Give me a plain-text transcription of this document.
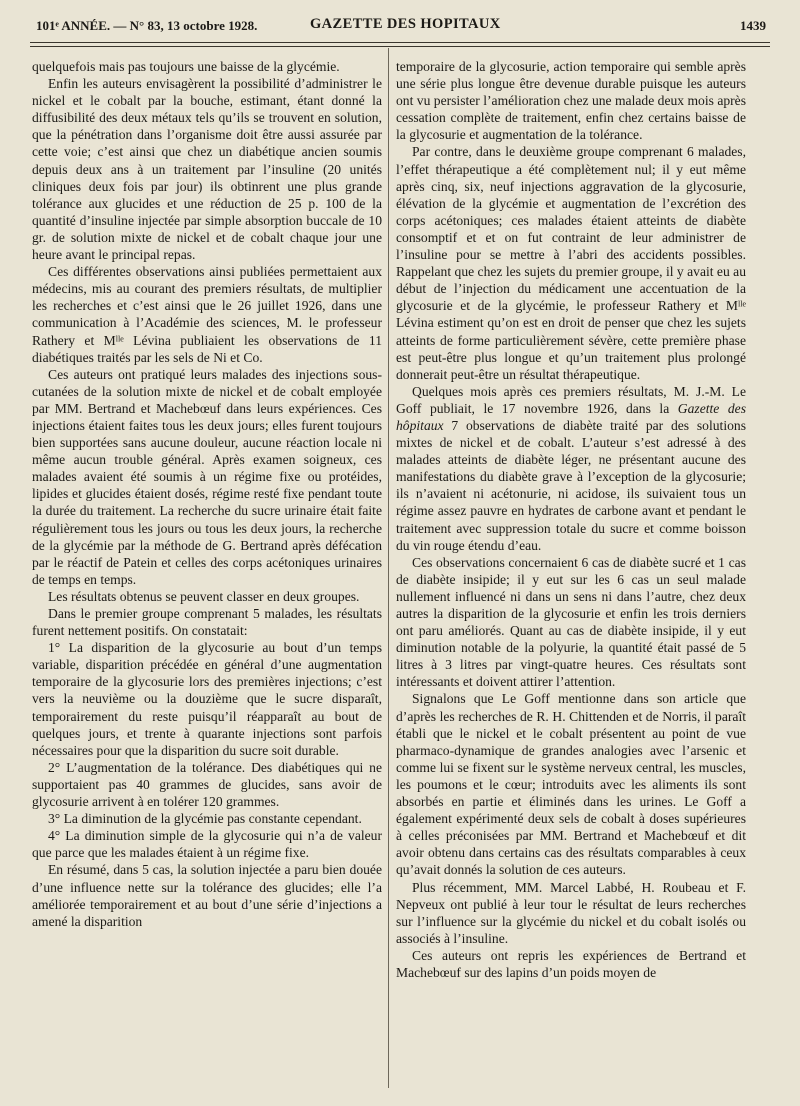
101ᵉ ANNÉE. — N° 83, 13 octobre 1928.	GAZETTE DES HOPITAUX	1439

quelquefois mais pas toujours une baisse de la glycémie.

Enfin les auteurs envisagèrent la possibilité d’administrer le nickel et le cobalt par la bouche, estimant, étant donné la diffusibilité des deux métaux tels qu’ils se trouvent en solution, que la pénétration dans l’organisme doit être aussi assurée par cette voie; c’est ainsi que chez un diabétique ancien soumis depuis deux ans à un traitement par l’insuline (20 unités cliniques deux fois par jour) ils obtinrent une plus grande tolérance aux glucides et une réduction de 25 p. 100 de la quantité d’insuline injectée par simple absorption buccale de 10 gr. de solution mixte de nickel et de cobalt chaque jour une heure avant le principal repas.

Ces différentes observations ainsi publiées permettaient aux médecins, mis au courant des premiers résultats, de multiplier les recherches et c’est ainsi que le 26 juillet 1926, dans une communication à l’Académie des sciences, M. le professeur Rathery et Mˡˡᵉ Lévina publiaient les observations de 11 diabétiques traités par les sels de Ni et Co.

Ces auteurs ont pratiqué leurs malades des injections sous-cutanées de la solution mixte de nickel et de cobalt employée par MM. Bertrand et Machebœuf dans leurs expériences. Ces injections étaient faites tous les deux jours; elles furent toujours bien supportées sans aucune douleur, aucune réaction locale ni même aucun trouble général. Après examen soigneux, ces malades avaient été soumis à un régime fixe ou protéides, lipides et glucides étaient dosés, régime resté fixe pendant toute la durée du traitement. La recherche du sucre urinaire était faite régulièrement tous les jours ou tous les deux jours, la recherche de la glycémie par la méthode de G. Bertrand après défécation par le réactif de Patein et celles des corps acétoniques urinaires de temps en temps.

Les résultats obtenus se peuvent classer en deux groupes.

Dans le premier groupe comprenant 5 malades, les résultats furent nettement positifs. On constatait:

1° La disparition de la glycosurie au bout d’un temps variable, disparition précédée en général d’une augmentation temporaire de la glycosurie lors des premières injections; c’est vers la neuvième ou la douzième que le sucre disparaît, temporairement du reste puisqu’il réapparaît au bout de quelques jours, et trente à quarante injections sont parfois nécessaires pour que la disparition du sucre soit durable.

2° L’augmentation de la tolérance. Des diabétiques qui ne supportaient pas 40 grammes de glucides, sans avoir de glycosurie arrivent à en tolérer 120 grammes.

3° La diminution de la glycémie pas constante cependant.

4° La diminution simple de la glycosurie qui n’a de valeur que parce que les malades étaient à un régime fixe.

En résumé, dans 5 cas, la solution injectée a paru bien douée d’une influence nette sur la tolérance des glucides; elle l’a améliorée temporairement et au bout d’une série d’injections a amené la disparition

temporaire de la glycosurie, action temporaire qui semble après une série plus longue être devenue durable puisque les auteurs ont vu persister l’amélioration chez une malade deux mois après cessation complète de traitement, enfin chez certains baisse de la glycosurie et augmentation de la tolérance.

Par contre, dans le deuxième groupe comprenant 6 malades, l’effet thérapeutique a été complètement nul; il y eut même après cinq, six, neuf injections aggravation de la glycosurie, élévation de la glycémie et augmentation de l’excrétion des corps acétoniques; ces malades étaient atteints de diabète consomptif et et on fut contraint de leur administrer de l’insuline pour se mettre à l’abri des accidents possibles. Rappelant que chez les sujets du premier groupe, il y avait eu au début de l’injection du médicament une accentuation de la glycosurie et de la glycémie, le professeur Rathery et Mˡˡᵉ Lévina estiment qu’on est en droit de penser que chez les sujets atteints de forme particulièrement sévère, cette première phase est peut-être plus longue et qu’un traitement plus prolongé donnerait peut-être un résultat thérapeutique.

Quelques mois après ces premiers résultats, M. J.-M. Le Goff publiait, le 17 novembre 1926, dans la Gazette des hôpitaux 7 observations de diabète traité par des solutions mixtes de nickel et de cobalt. L’auteur s’est adressé à des malades atteints de diabète léger, ne présentant aucune des manifestations du diabète grave à l’exception de la glycosurie; ils n’avaient ni acétonurie, ni acidose, ils suivaient tous un régime assez pauvre en hydrates de carbone avant et pendant le traitement avec suppression totale du sucre et comme boisson du vin rouge étendu d’eau.

Ces observations concernaient 6 cas de diabète sucré et 1 cas de diabète insipide; il y eut sur les 6 cas un seul malade nullement influencé ni dans un sens ni dans l’autre, chez deux autres la disparition de la glycosurie et enfin les trois derniers ont paru améliorés. Quant au cas de diabète insipide, il y eut diminution notable de la polyurie, la quantité était passé de 5 litres à 3 litres par vingt-quatre heures. Ces résultats sont intéressants et doivent attirer l’attention.

Signalons que Le Goff mentionne dans son article que d’après les recherches de R. H. Chittenden et de Norris, il paraît établi que le nickel et le cobalt présentent au point de vue pharmaco-dynamique de grandes analogies avec l’arsenic et comme lui se fixent sur le système nerveux central, les muscles, les poumons et le cœur; introduits avec les aliments ils sont absorbés en partie et éliminés dans les urines. Le Goff a également expérimenté deux sels de cobalt à doses supérieures à celles préconisées par MM. Bertrand et Machebœuf et dit avoir obtenu dans certains cas des résultats comparables à ceux qu’avait donnés la solution de ces auteurs.

Plus récemment, MM. Marcel Labbé, H. Roubeau et F. Nepveux ont publié à leur tour le résultat de leurs recherches sur l’influence sur la glycémie du nickel et du cobalt isolés ou associés à l’insuline.

Ces auteurs ont repris les expériences de Bertrand et Machebœuf sur des lapins d’un poids moyen de
